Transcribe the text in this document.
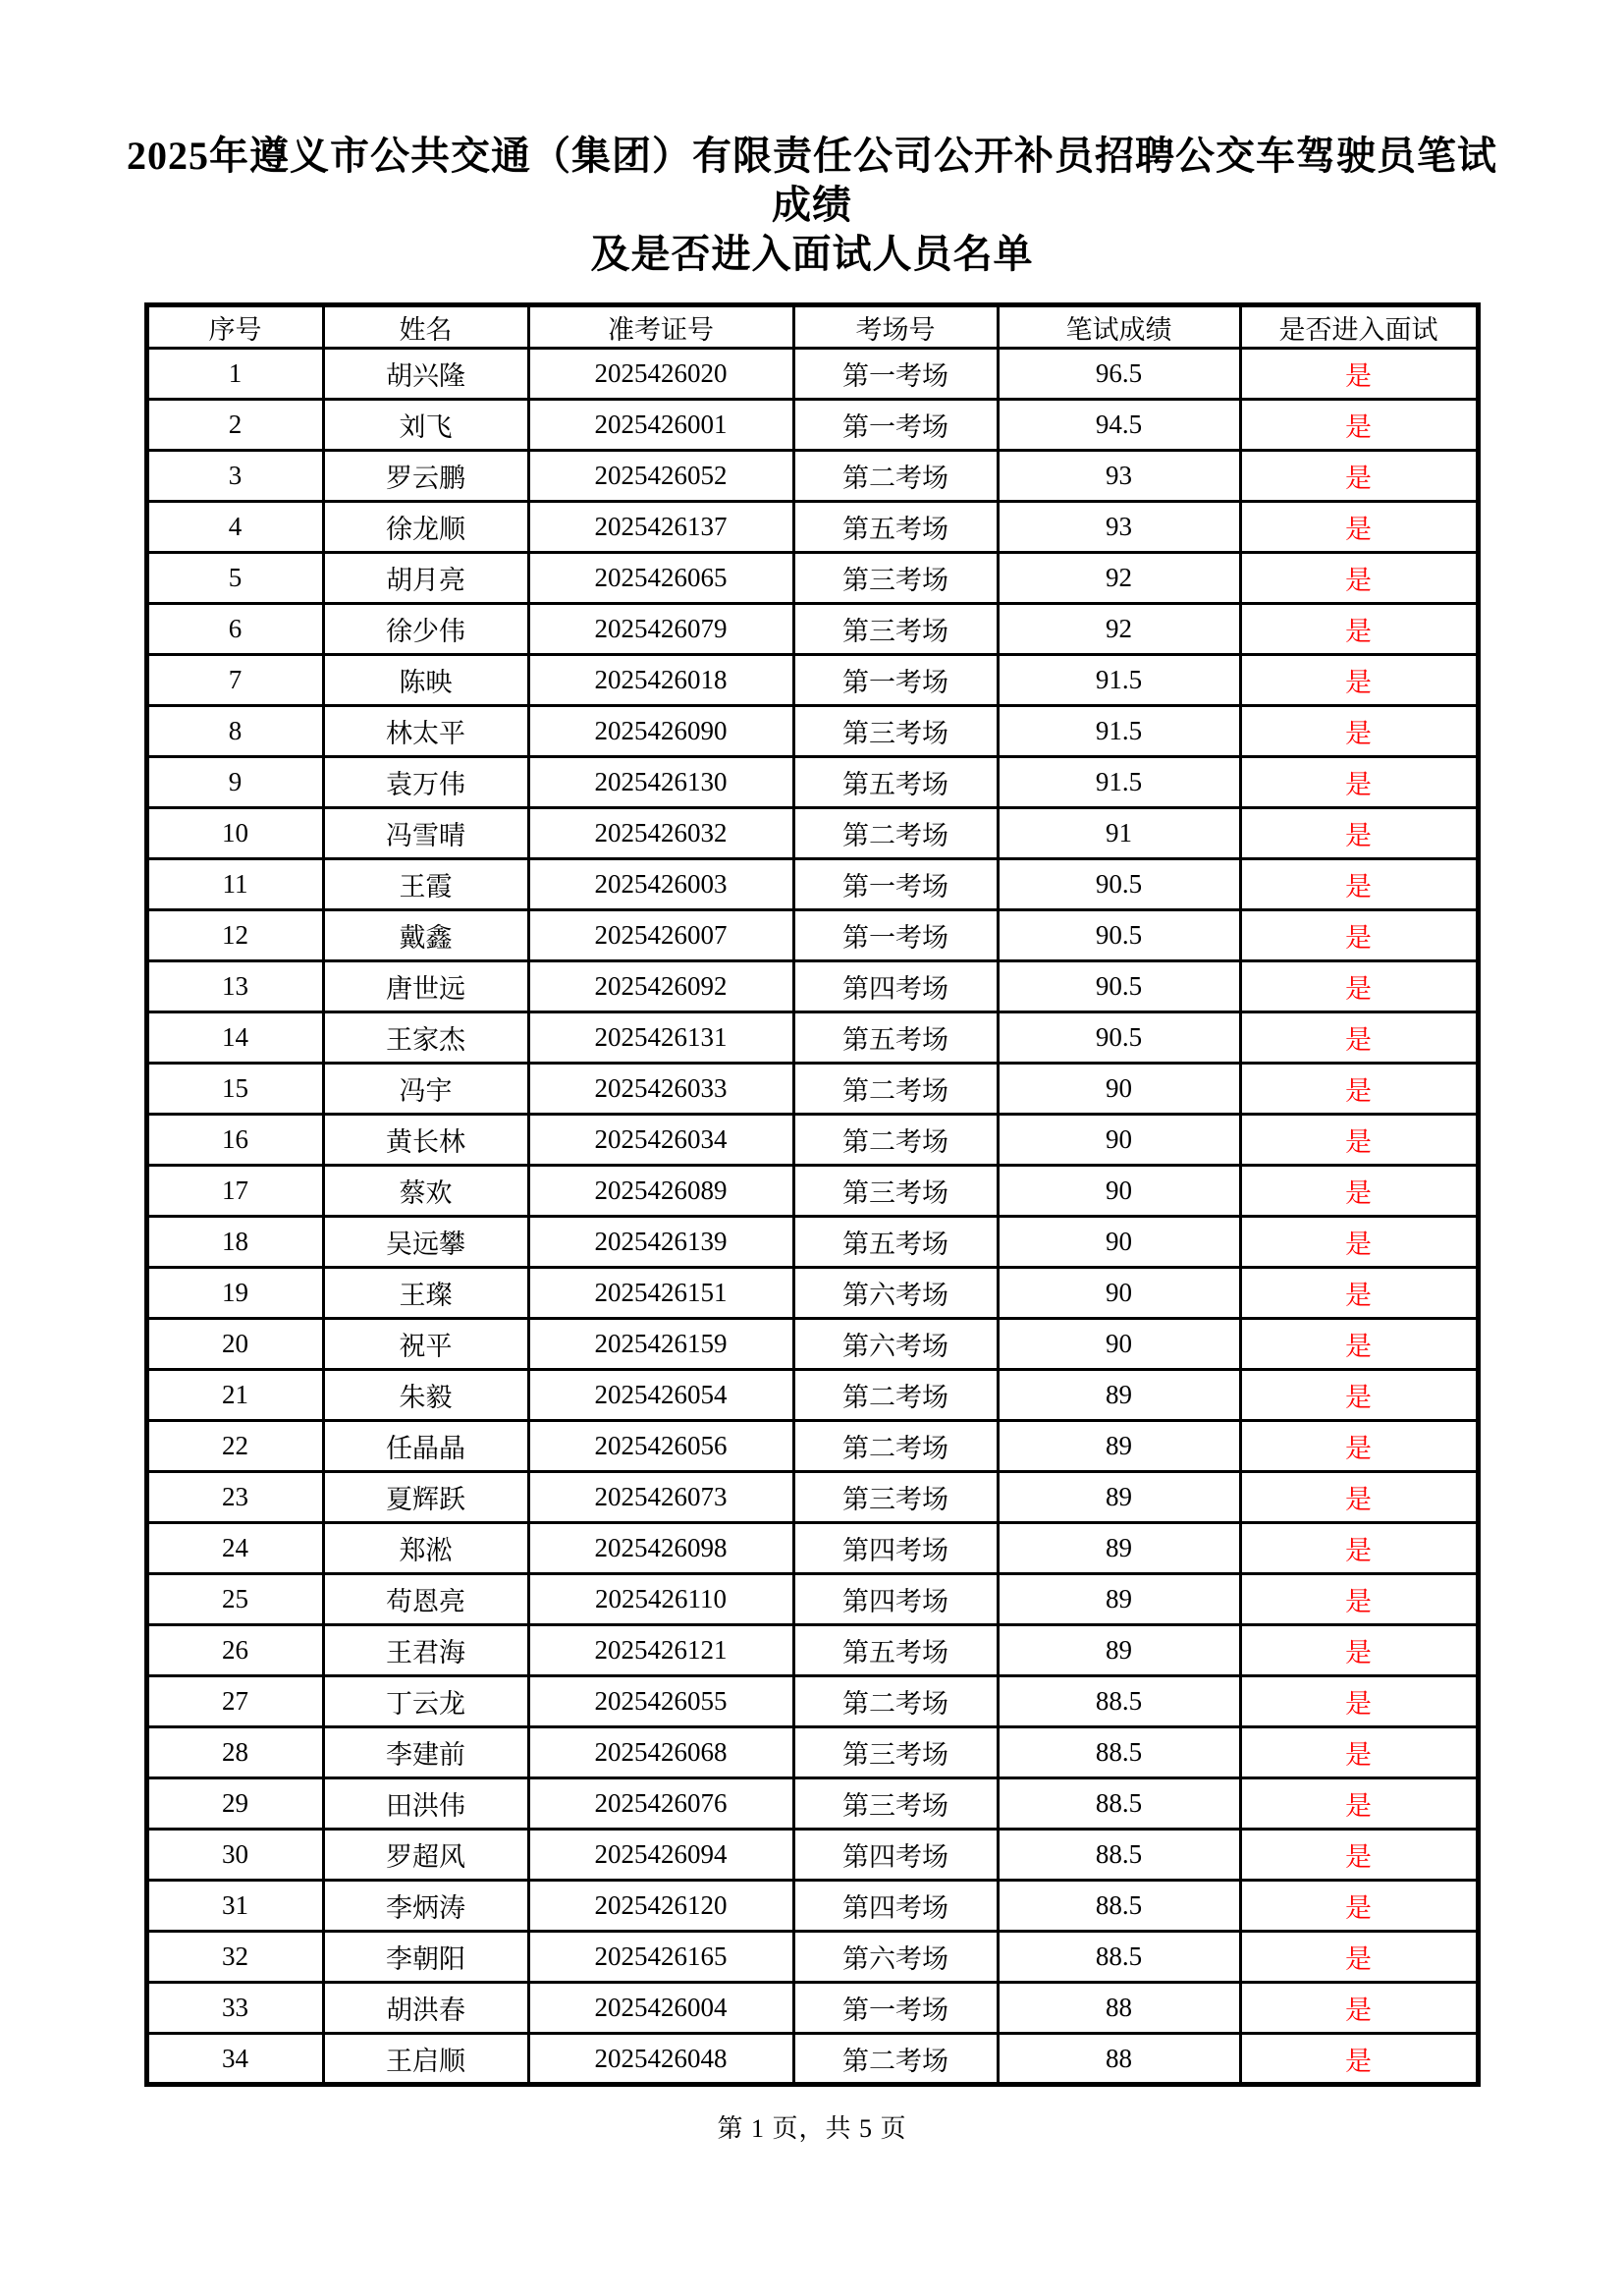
2025年遵义市公共交通（集团）有限责任公司公开补员招聘公交车驾驶员笔试成绩
及是否进入面试人员名单
序号	姓名	准考证号	考场号	笔试成绩	是否进入面试
1	胡兴隆	2025426020	第一考场	96.5	是
2	刘飞	2025426001	第一考场	94.5	是
3	罗云鹏	2025426052	第二考场	93	是
4	徐龙顺	2025426137	第五考场	93	是
5	胡月亮	2025426065	第三考场	92	是
6	徐少伟	2025426079	第三考场	92	是
7	陈映	2025426018	第一考场	91.5	是
8	林太平	2025426090	第三考场	91.5	是
9	袁万伟	2025426130	第五考场	91.5	是
10	冯雪晴	2025426032	第二考场	91	是
11	王霞	2025426003	第一考场	90.5	是
12	戴鑫	2025426007	第一考场	90.5	是
13	唐世远	2025426092	第四考场	90.5	是
14	王家杰	2025426131	第五考场	90.5	是
15	冯宇	2025426033	第二考场	90	是
16	黄长林	2025426034	第二考场	90	是
17	蔡欢	2025426089	第三考场	90	是
18	吴远攀	2025426139	第五考场	90	是
19	王璨	2025426151	第六考场	90	是
20	祝平	2025426159	第六考场	90	是
21	朱毅	2025426054	第二考场	89	是
22	任晶晶	2025426056	第二考场	89	是
23	夏辉跃	2025426073	第三考场	89	是
24	郑淞	2025426098	第四考场	89	是
25	苟恩亮	2025426110	第四考场	89	是
26	王君海	2025426121	第五考场	89	是
27	丁云龙	2025426055	第二考场	88.5	是
28	李建前	2025426068	第三考场	88.5	是
29	田洪伟	2025426076	第三考场	88.5	是
30	罗超风	2025426094	第四考场	88.5	是
31	李炳涛	2025426120	第四考场	88.5	是
32	李朝阳	2025426165	第六考场	88.5	是
33	胡洪春	2025426004	第一考场	88	是
34	王启顺	2025426048	第二考场	88	是
第 1 页，共 5 页
